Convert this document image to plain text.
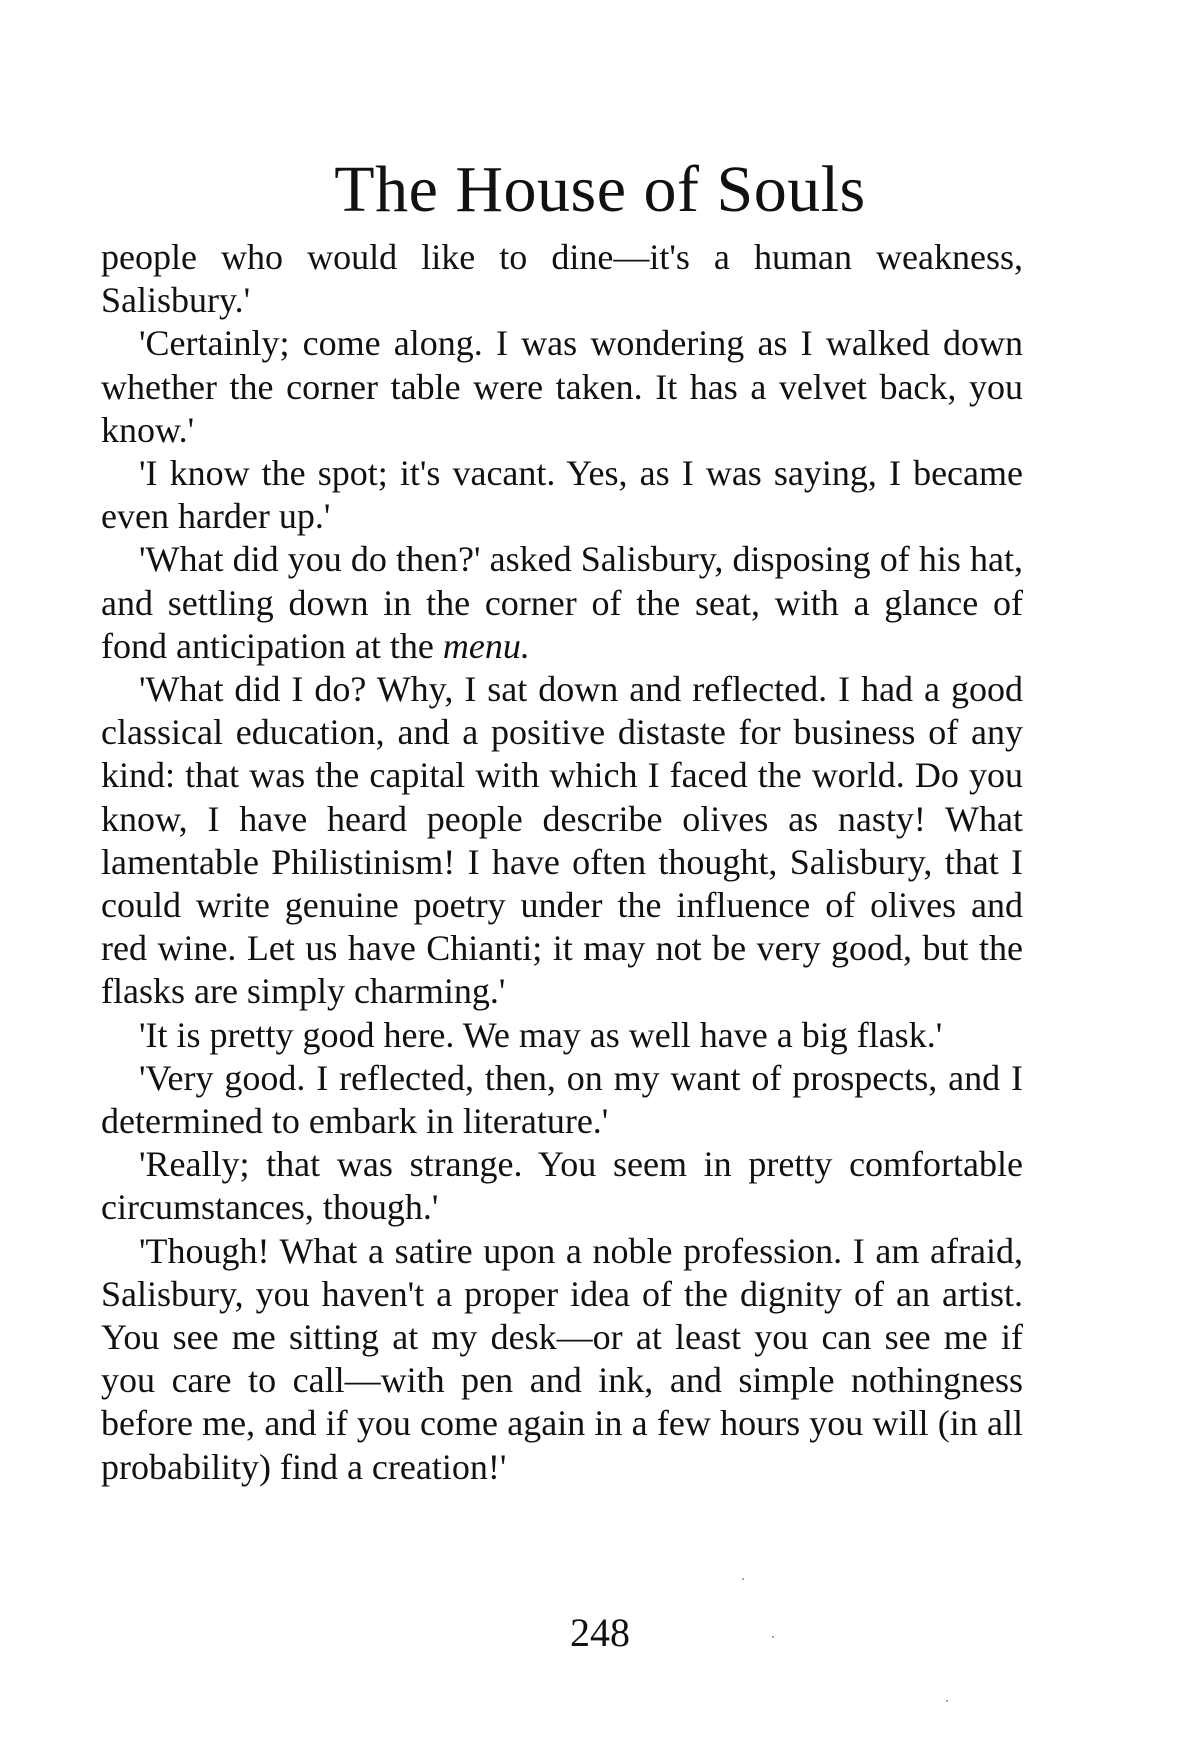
The House of Souls

people who would like to dine—it's a human weakness, Salisbury.'

'Certainly; come along. I was wondering as I walked down whether the corner table were taken. It has a velvet back, you know.'

'I know the spot; it's vacant. Yes, as I was saying, I became even harder up.'

'What did you do then?' asked Salisbury, disposing of his hat, and settling down in the corner of the seat, with a glance of fond anticipation at the menu.

'What did I do? Why, I sat down and reflected. I had a good classical education, and a positive distaste for business of any kind: that was the capital with which I faced the world. Do you know, I have heard people describe olives as nasty! What lamentable Philistinism! I have often thought, Salisbury, that I could write genuine poetry under the influence of olives and red wine. Let us have Chianti; it may not be very good, but the flasks are simply charming.'

'It is pretty good here. We may as well have a big flask.'

'Very good. I reflected, then, on my want of prospects, and I determined to embark in literature.'

'Really; that was strange. You seem in pretty comfortable circumstances, though.'

'Though! What a satire upon a noble profession. I am afraid, Salisbury, you haven't a proper idea of the dignity of an artist. You see me sitting at my desk—or at least you can see me if you care to call—with pen and ink, and simple nothingness before me, and if you come again in a few hours you will (in all probability) find a creation!'

248
